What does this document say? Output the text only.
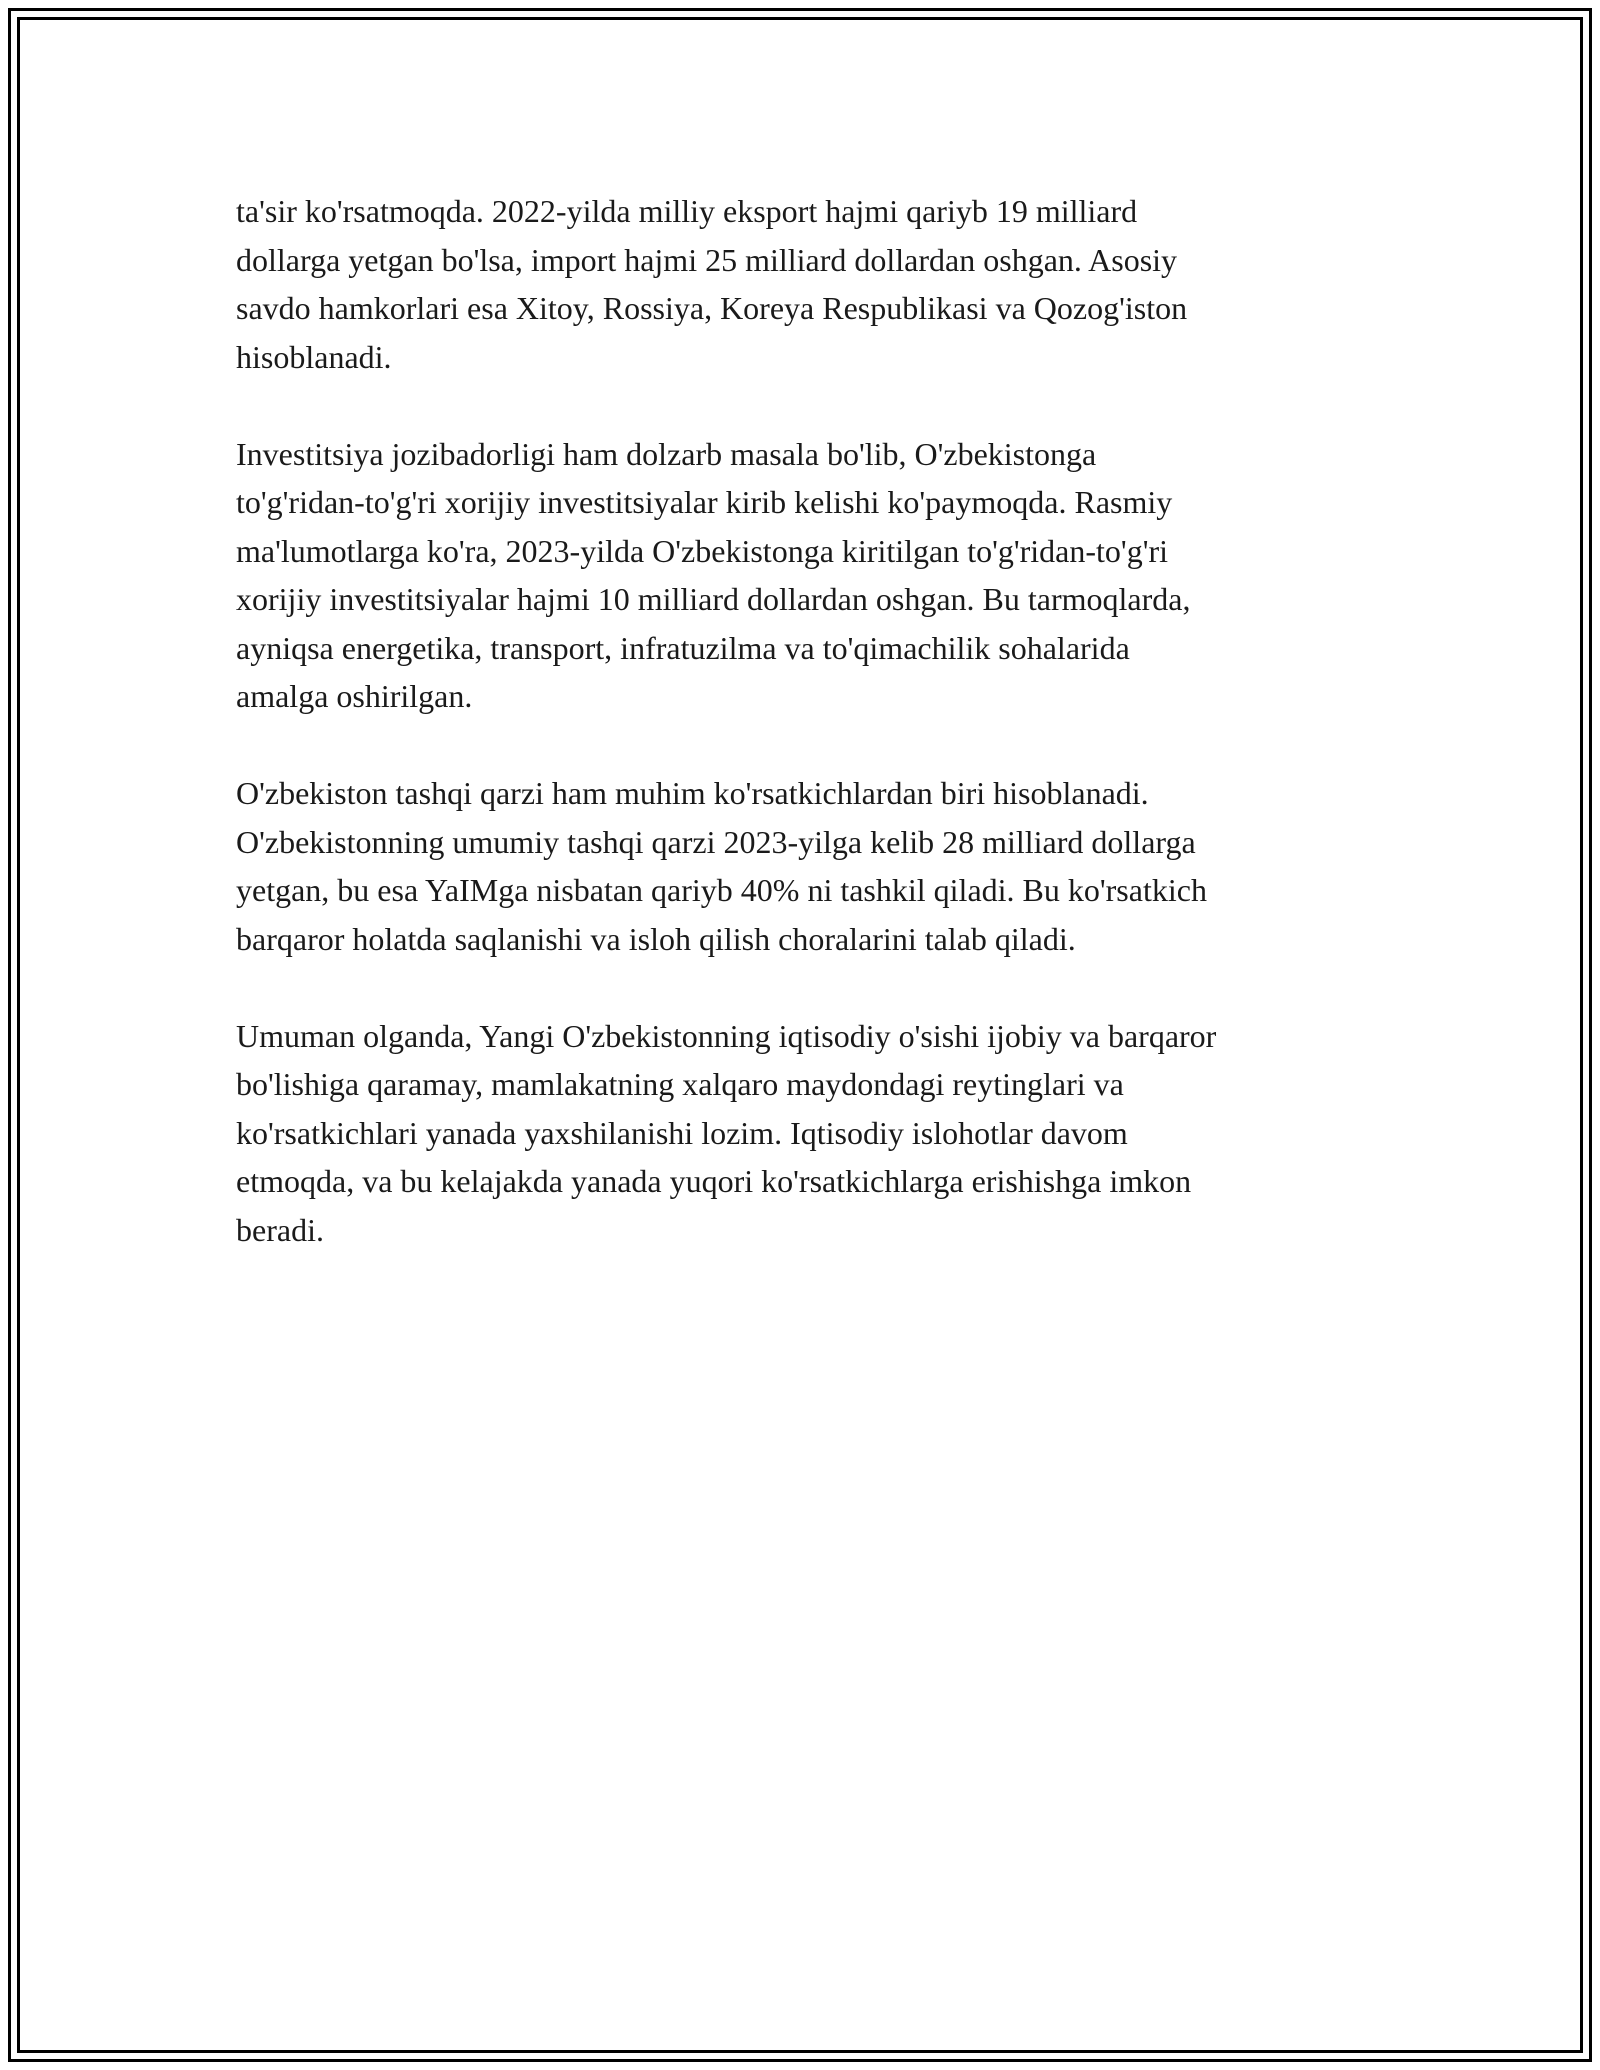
ta'sir ko'rsatmoqda. 2022-yilda milliy eksport hajmi qariyb 19 milliard
dollarga yetgan bo'lsa, import hajmi 25 milliard dollardan oshgan. Asosiy
savdo hamkorlari esa Xitoy, Rossiya, Koreya Respublikasi va Qozog'iston
hisoblanadi.

Investitsiya jozibadorligi ham dolzarb masala bo'lib, O'zbekistonga
to'g'ridan-to'g'ri xorijiy investitsiyalar kirib kelishi ko'paymoqda. Rasmiy
ma'lumotlarga ko'ra, 2023-yilda O'zbekistonga kiritilgan to'g'ridan-to'g'ri
xorijiy investitsiyalar hajmi 10 milliard dollardan oshgan. Bu tarmoqlarda,
ayniqsa energetika, transport, infratuzilma va to'qimachilik sohalarida
amalga oshirilgan.

O'zbekiston tashqi qarzi ham muhim ko'rsatkichlardan biri hisoblanadi.
O'zbekistonning umumiy tashqi qarzi 2023-yilga kelib 28 milliard dollarga
yetgan, bu esa YaIMga nisbatan qariyb 40% ni tashkil qiladi. Bu ko'rsatkich
barqaror holatda saqlanishi va isloh qilish choralarini talab qiladi.

Umuman olganda, Yangi O'zbekistonning iqtisodiy o'sishi ijobiy va barqaror
bo'lishiga qaramay, mamlakatning xalqaro maydondagi reytinglari va
ko'rsatkichlari yanada yaxshilanishi lozim. Iqtisodiy islohotlar davom
etmoqda, va bu kelajakda yanada yuqori ko'rsatkichlarga erishishga imkon
beradi.
